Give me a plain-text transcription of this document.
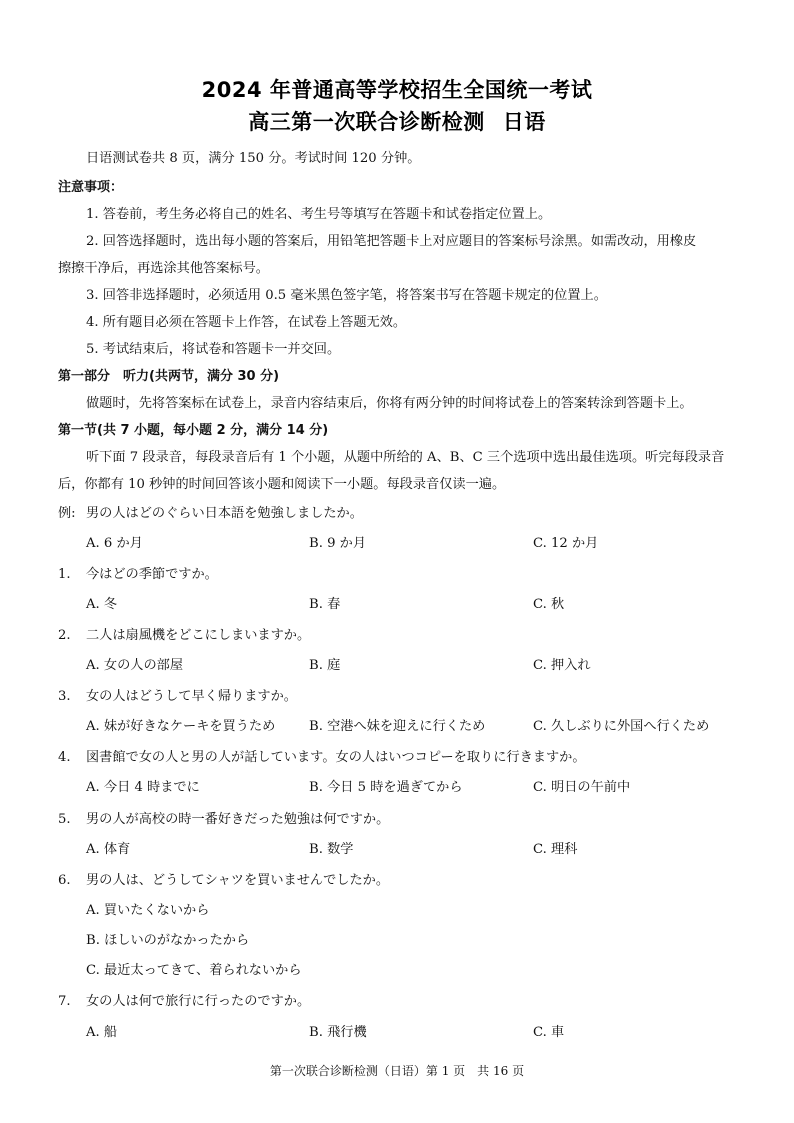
2024 年普通高等学校招生全国统一考试
高三第一次联合诊断检测 日语
日语测试卷共 8 页，满分 150 分。考试时间 120 分钟。
注意事项：
1. 答卷前，考生务必将自己的姓名、考生号等填写在答题卡和试卷指定位置上。
2. 回答选择题时，选出每小题的答案后，用铅笔把答题卡上对应题目的答案标号涂黑。如需改动，用橡皮
擦擦干净后，再选涂其他答案标号。
3. 回答非选择题时，必须适用 0.5 毫米黑色签字笔，将答案书写在答题卡规定的位置上。
4. 所有题目必须在答题卡上作答，在试卷上答题无效。
5. 考试结束后，将试卷和答题卡一并交回。
第一部分　听力(共两节，满分 30 分)
做题时，先将答案标在试卷上，录音内容结束后，你将有两分钟的时间将试卷上的答案转涂到答题卡上。
第一节(共 7 小题，每小题 2 分，满分 14 分)
听下面 7 段录音，每段录音后有 1 个小题，从题中所给的 A、B、C 三个选项中选出最佳选项。听完每段录音
后，你都有 10 秒钟的时间回答该小题和阅读下一小题。每段录音仅读一遍。
例: 男の人はどのぐらい日本語を勉強しましたか。
A. 6 か月	B. 9 か月	C. 12 か月
1. 今はどの季節ですか。
A. 冬	B. 春	C. 秋
2. 二人は扇風機をどこにしまいますか。
A. 女の人の部屋	B. 庭	C. 押入れ
3. 女の人はどうして早く帰りますか。
A. 妹が好きなケーキを買うため	B. 空港へ妹を迎えに行くため	C. 久しぶりに外国へ行くため
4. 図書館で女の人と男の人が話しています。女の人はいつコピーを取りに行きますか。
A. 今日 4 時までに	B. 今日 5 時を過ぎてから	C. 明日の午前中
5. 男の人が高校の時一番好きだった勉強は何ですか。
A. 体育	B. 数学	C. 理科
6. 男の人は、どうしてシャツを買いませんでしたか。
A. 買いたくないから
B. ほしいのがなかったから
C. 最近太ってきて、着られないから
7. 女の人は何で旅行に行ったのですか。
A. 船	B. 飛行機	C. 車
第一次联合诊断检测（日语）第 1 页　共 16 页
